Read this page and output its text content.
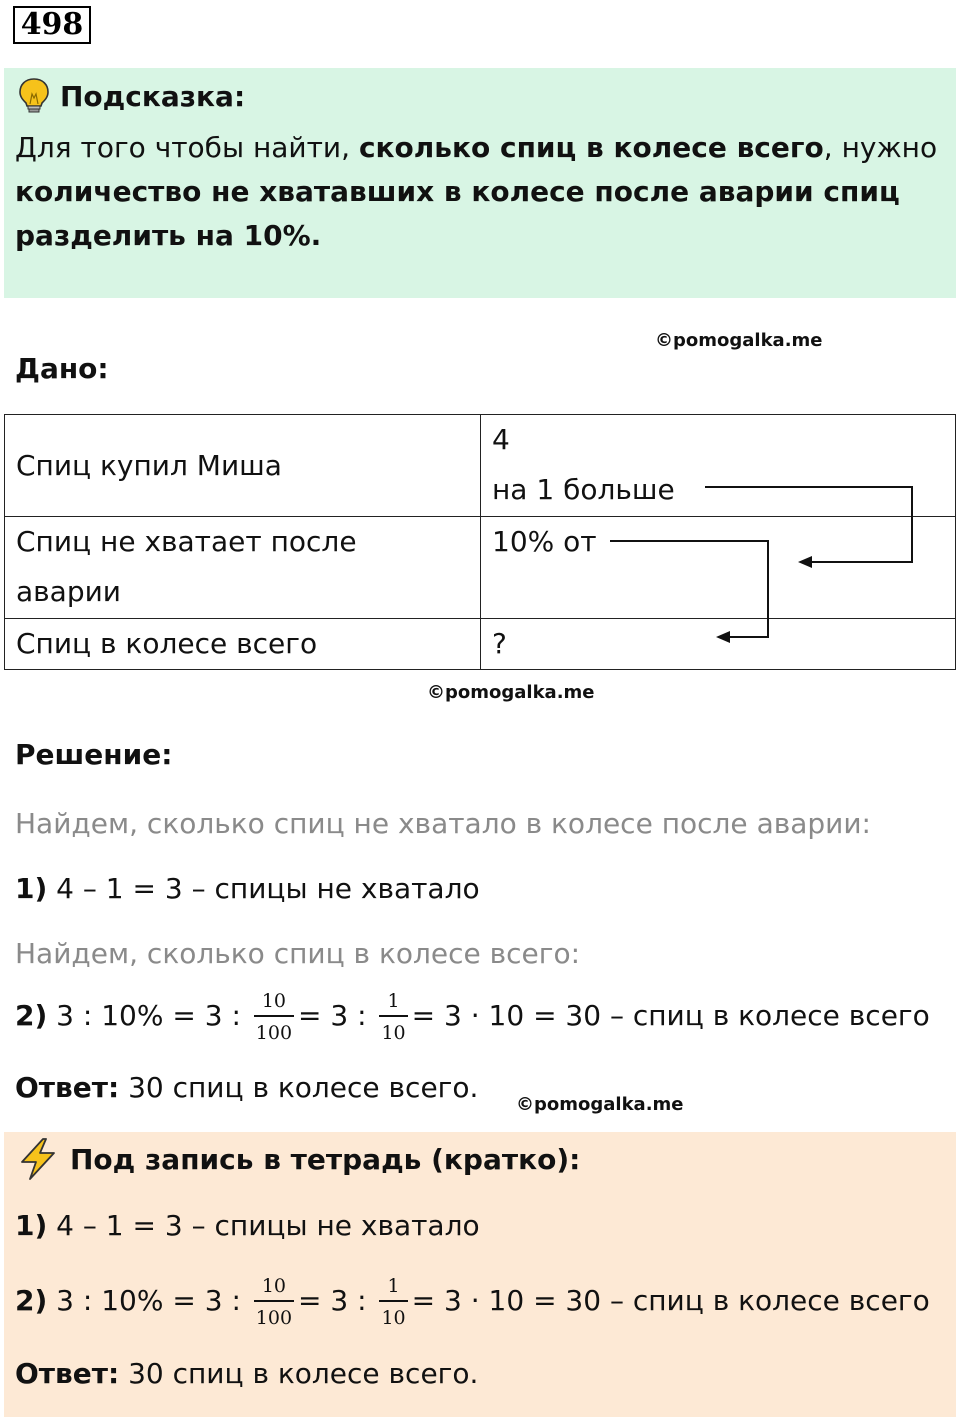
498
Подсказка:
Для того чтобы найти, сколько спиц в колесе всего, нужно количество не хватавших в колесе после аварии спиц разделить на 10%.
©pomogalka.me
Дано:
Спиц купил Миша	4
на 1 больше

Спиц не хватает после
аварии	10% от
Спиц в колесе всего	?
©pomogalka.me
Решение:
Найдем, сколько спиц не хватало в колесе после аварии:
1) 4 – 1 = 3 – спицы не хватало
Найдем, сколько спиц в колесе всего:
2) 3 : 10% = 3 : $\frac{10}{100} = 3$ : $\frac{1}{10} = 3 \cdot 10 = 30$ – спиц в колесе всего
Ответ: 30 спиц в колесе всего.
©pomogalka.me
Под запись в тетрадь (кратко):
1) 4 – 1 = 3 – спицы не хватало
2) 3 : 10% = 3 : $\frac{10}{100} = 3$ : $\frac{1}{10} = 3 \cdot 10 = 30$ – спиц в колесе всего
Ответ: 30 спиц в колесе всего.
